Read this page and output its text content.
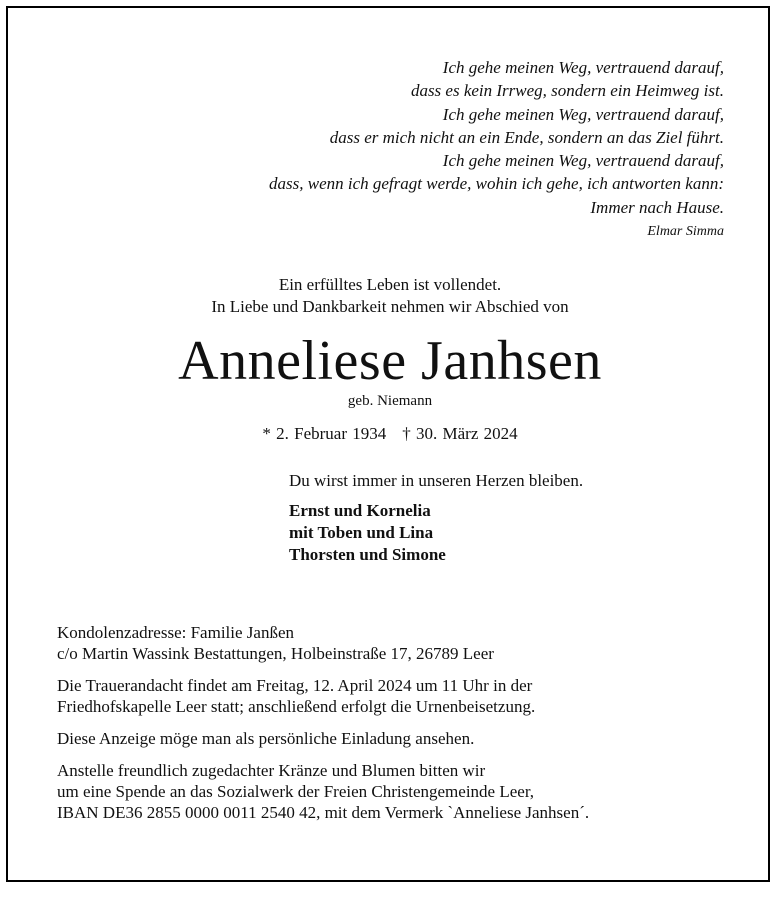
Ich gehe meinen Weg, vertrauend darauf,
dass es kein Irrweg, sondern ein Heimweg ist.
Ich gehe meinen Weg, vertrauend darauf,
dass er mich nicht an ein Ende, sondern an das Ziel führt.
Ich gehe meinen Weg, vertrauend darauf,
dass, wenn ich gefragt werde, wohin ich gehe, ich antworten kann:
Immer nach Hause.
Elmar Simma
Ein erfülltes Leben ist vollendet.
In Liebe und Dankbarkeit nehmen wir Abschied von
Anneliese Janhsen
geb. Niemann
* 2. Februar 1934 † 30. März 2024
Du wirst immer in unseren Herzen bleiben.
Ernst und Kornelia
mit Toben und Lina
Thorsten und Simone

Kondolenzadresse: Familie Janßen
c/o Martin Wassink Bestattungen, Holbeinstraße 17, 26789 Leer

Die Trauerandacht findet am Freitag, 12. April 2024 um 11 Uhr in der
Friedhofskapelle Leer statt; anschließend erfolgt die Urnenbeisetzung.

Diese Anzeige möge man als persönliche Einladung ansehen.

Anstelle freundlich zugedachter Kränze und Blumen bitten wir
um eine Spende an das Sozialwerk der Freien Christengemeinde Leer,
IBAN DE36 2855 0000 0011 2540 42, mit dem Vermerk `Anneliese Janhsen´.
